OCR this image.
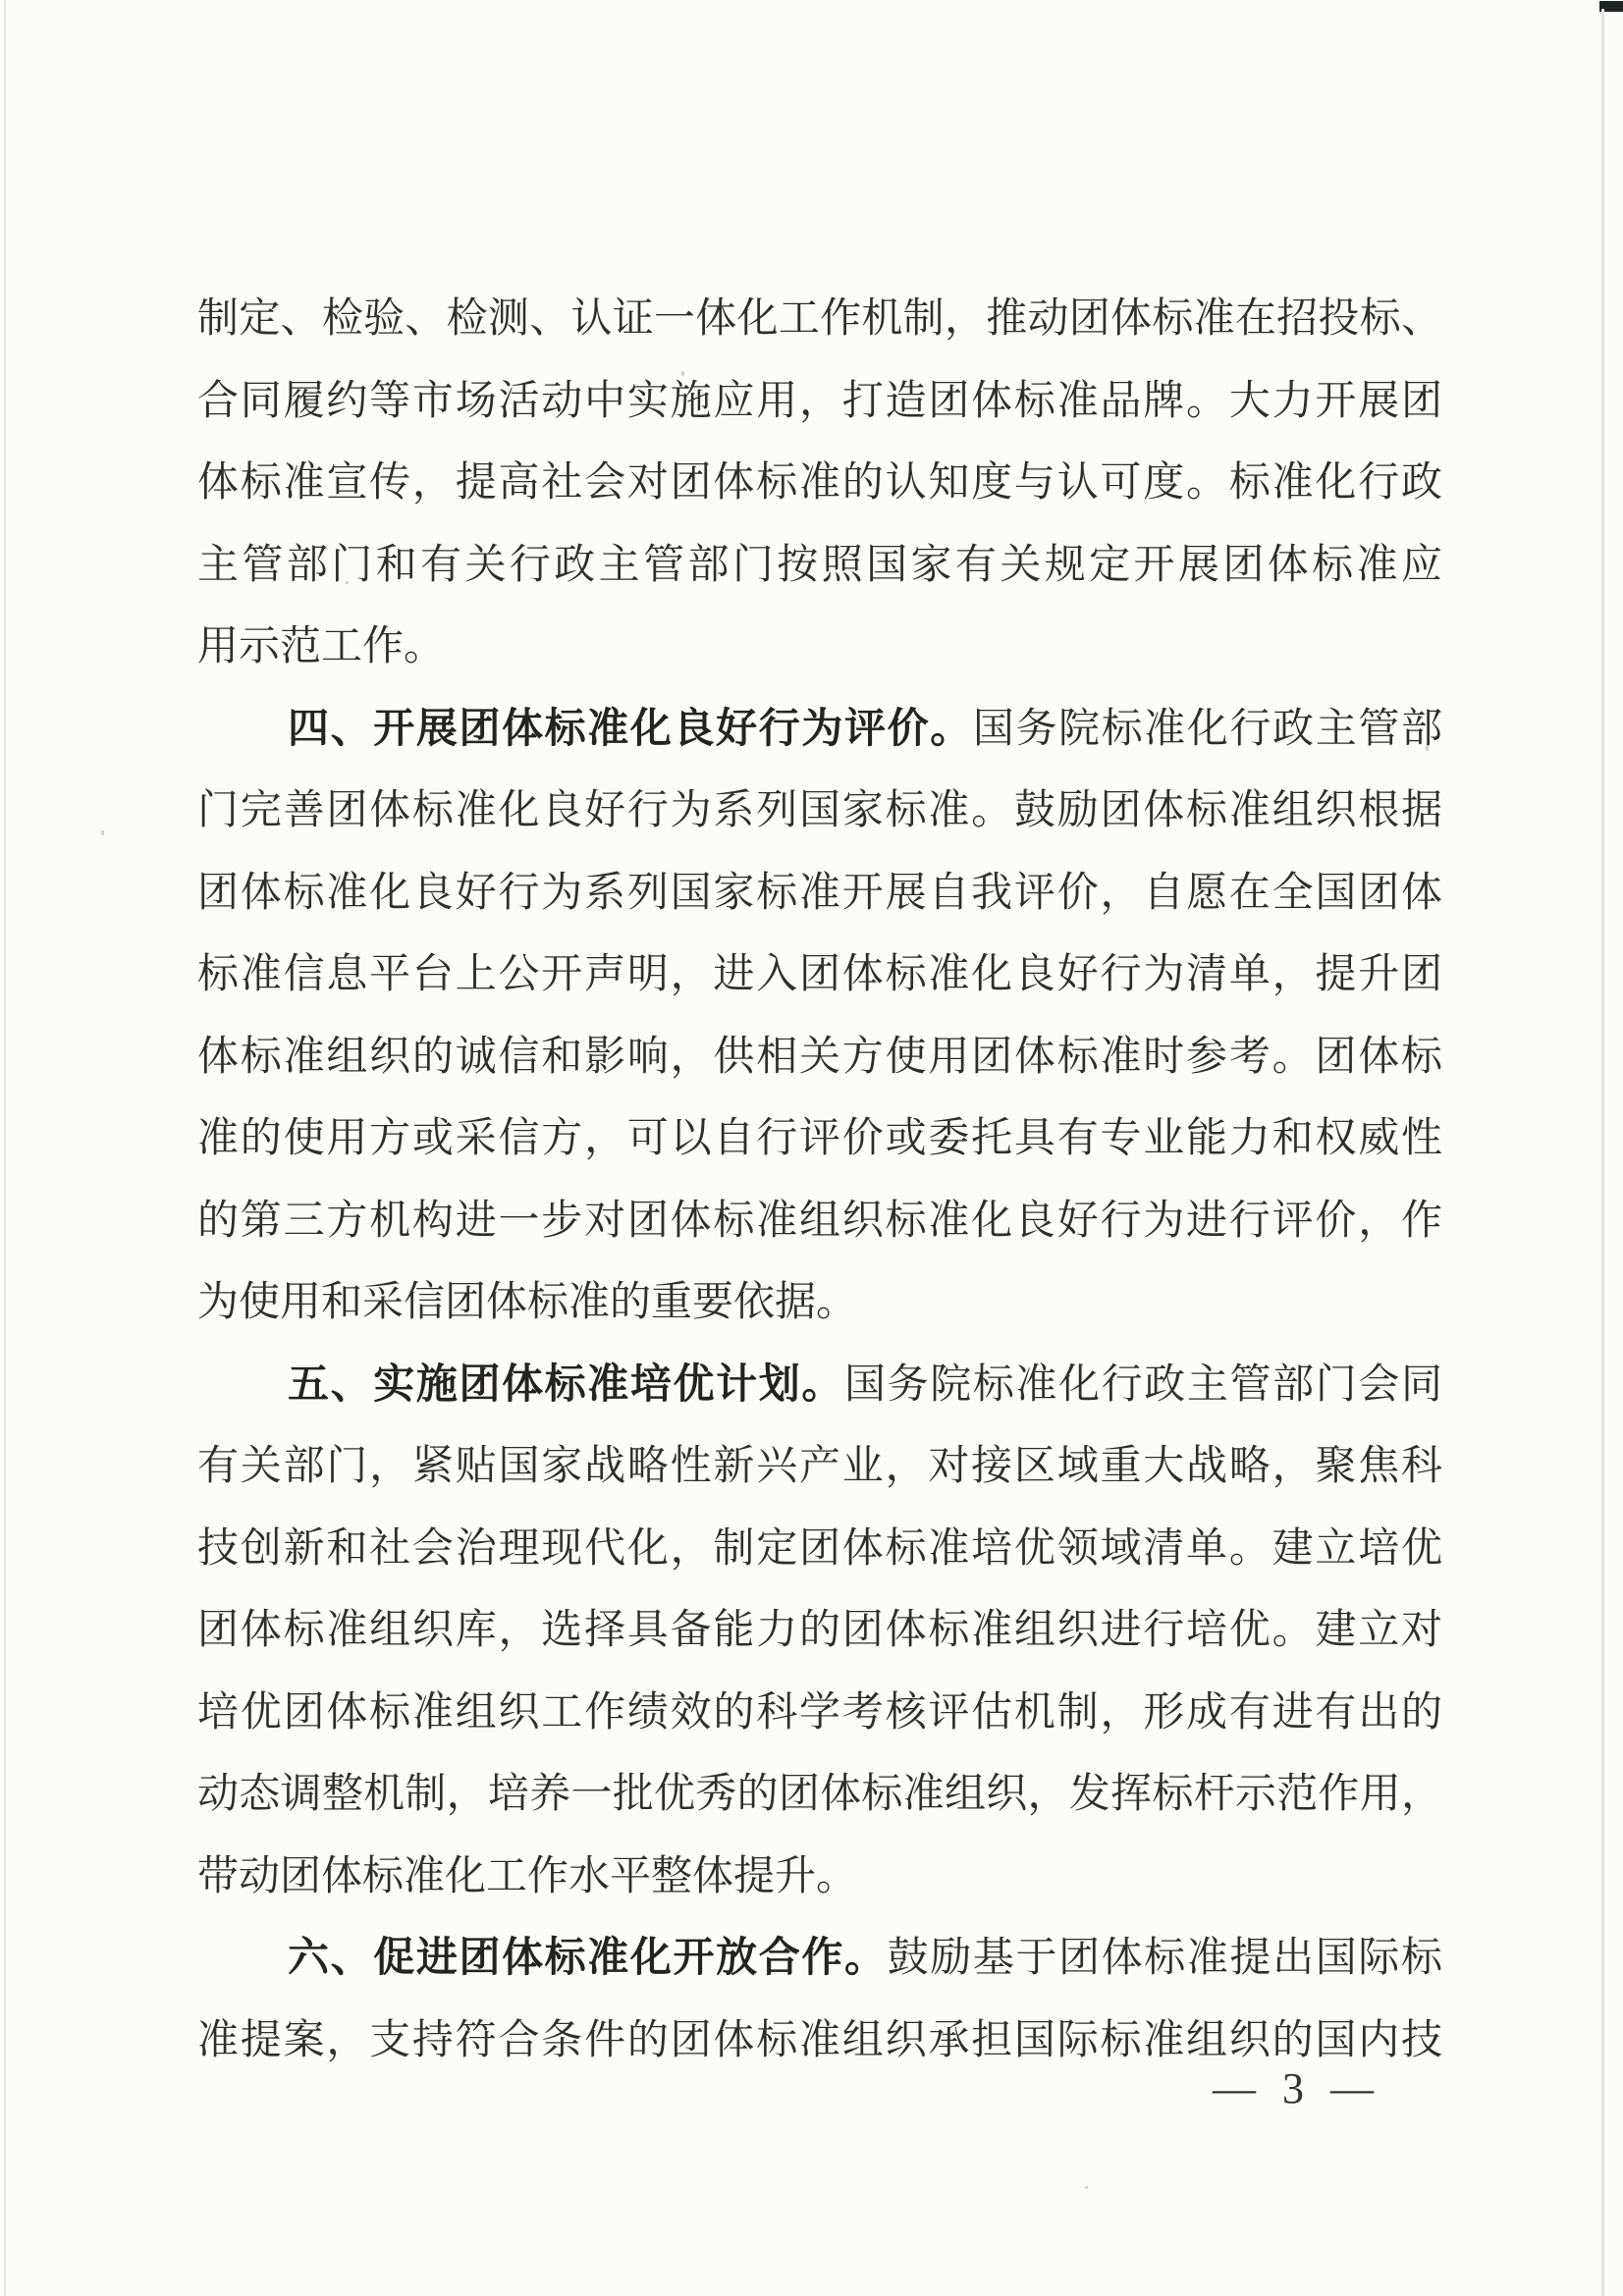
制定、检验、检测、认证一体化工作机制，推动团体标准在招投标、
合同履约等市场活动中实施应用，打造团体标准品牌。大力开展团
体标准宣传，提高社会对团体标准的认知度与认可度。标准化行政
主管部门和有关行政主管部门按照国家有关规定开展团体标准应
用示范工作。
四、开展团体标准化良好行为评价。国务院标准化行政主管部
门完善团体标准化良好行为系列国家标准。鼓励团体标准组织根据
团体标准化良好行为系列国家标准开展自我评价，自愿在全国团体
标准信息平台上公开声明，进入团体标准化良好行为清单，提升团
体标准组织的诚信和影响，供相关方使用团体标准时参考。团体标
准的使用方或采信方，可以自行评价或委托具有专业能力和权威性
的第三方机构进一步对团体标准组织标准化良好行为进行评价，作
为使用和采信团体标准的重要依据。
五、实施团体标准培优计划。国务院标准化行政主管部门会同
有关部门，紧贴国家战略性新兴产业，对接区域重大战略，聚焦科
技创新和社会治理现代化，制定团体标准培优领域清单。建立培优
团体标准组织库，选择具备能力的团体标准组织进行培优。建立对
培优团体标准组织工作绩效的科学考核评估机制，形成有进有出的
动态调整机制，培养一批优秀的团体标准组织，发挥标杆示范作用，
带动团体标准化工作水平整体提升。
六、促进团体标准化开放合作。鼓励基于团体标准提出国际标
准提案，支持符合条件的团体标准组织承担国际标准组织的国内技
— 3 —
